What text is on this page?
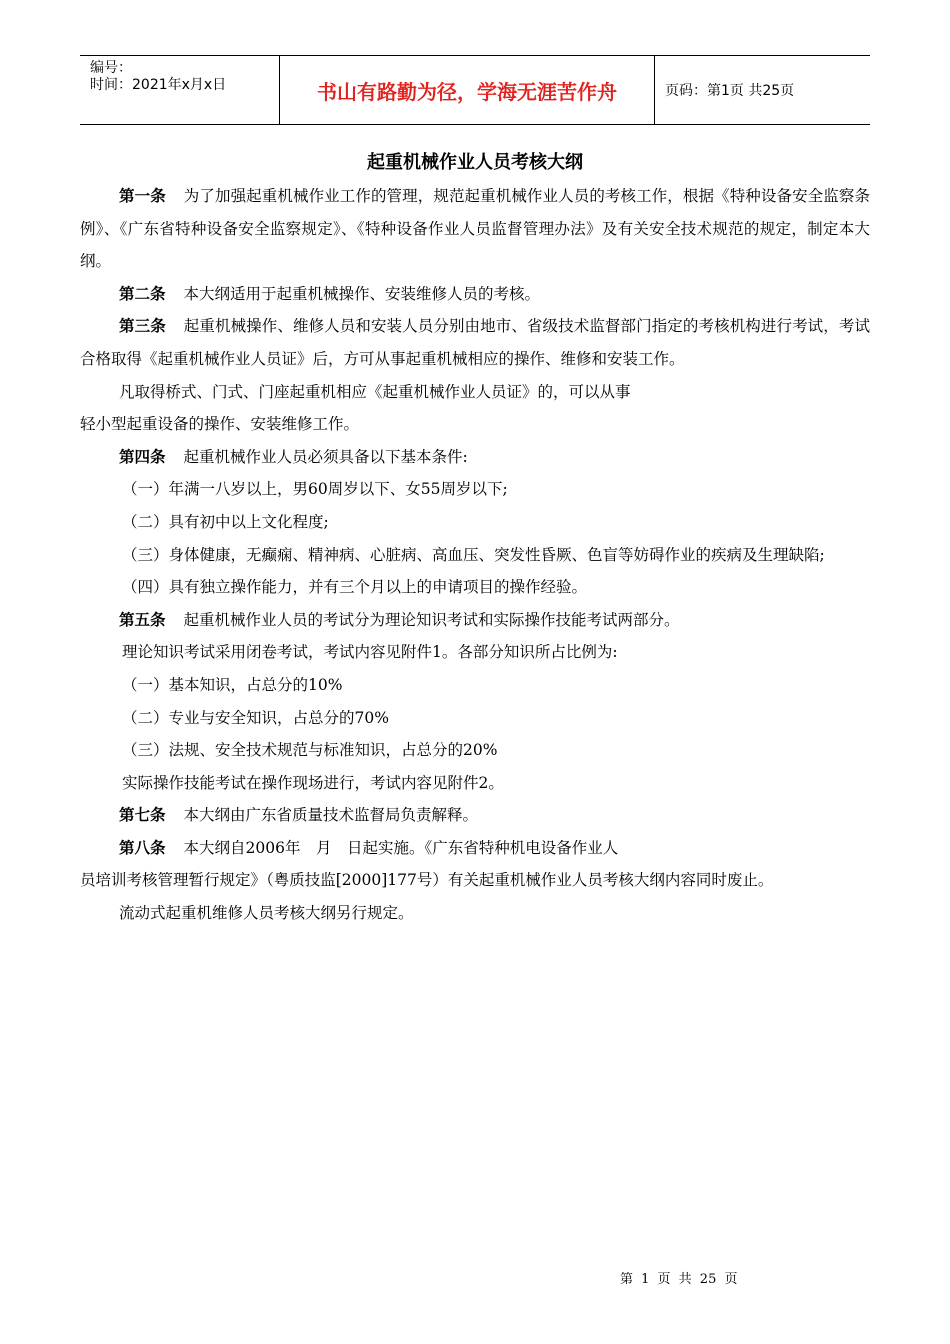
编号：
时间：2021年x月x日	书山有路勤为径，学海无涯苦作舟	页码：第1页 共25页
起重机械作业人员考核大纲

第一条 为了加强起重机械作业工作的管理，规范起重机械作业人员的考核工作，根据《特种设备安全监察条例》、《广东省特种设备安全监察规定》、《特种设备作业人员监督管理办法》及有关安全技术规范的规定，制定本大纲。

第二条 本大纲适用于起重机械操作、安装维修人员的考核。

第三条 起重机械操作、维修人员和安装人员分别由地市、省级技术监督部门指定的考核机构进行考试，考试合格取得《起重机械作业人员证》后，方可从事起重机械相应的操作、维修和安装工作。

凡取得桥式、门式、门座起重机相应《起重机械作业人员证》的，可以从事

轻小型起重设备的操作、安装维修工作。

第四条 起重机械作业人员必须具备以下基本条件:

（一）年满一八岁以上，男60周岁以下、女55周岁以下;

（二）具有初中以上文化程度;

（三）身体健康，无癫痫、精神病、心脏病、高血压、突发性昏厥、色盲等妨碍作业的疾病及生理缺陷;

（四）具有独立操作能力，并有三个月以上的申请项目的操作经验。

第五条 起重机械作业人员的考试分为理论知识考试和实际操作技能考试两部分。

理论知识考试采用闭卷考试，考试内容见附件1。各部分知识所占比例为:

（一）基本知识，占总分的10%

（二）专业与安全知识，占总分的70%

（三）法规、安全技术规范与标准知识，占总分的20%

实际操作技能考试在操作现场进行，考试内容见附件2。

第七条 本大纲由广东省质量技术监督局负责解释。

第八条 本大纲自2006年　月　日起实施。《广东省特种机电设备作业人

员培训考核管理暂行规定》（粤质技监[2000]177号）有关起重机械作业人员考核大纲内容同时废止。

流动式起重机维修人员考核大纲另行规定。

第 1 页 共 25 页
